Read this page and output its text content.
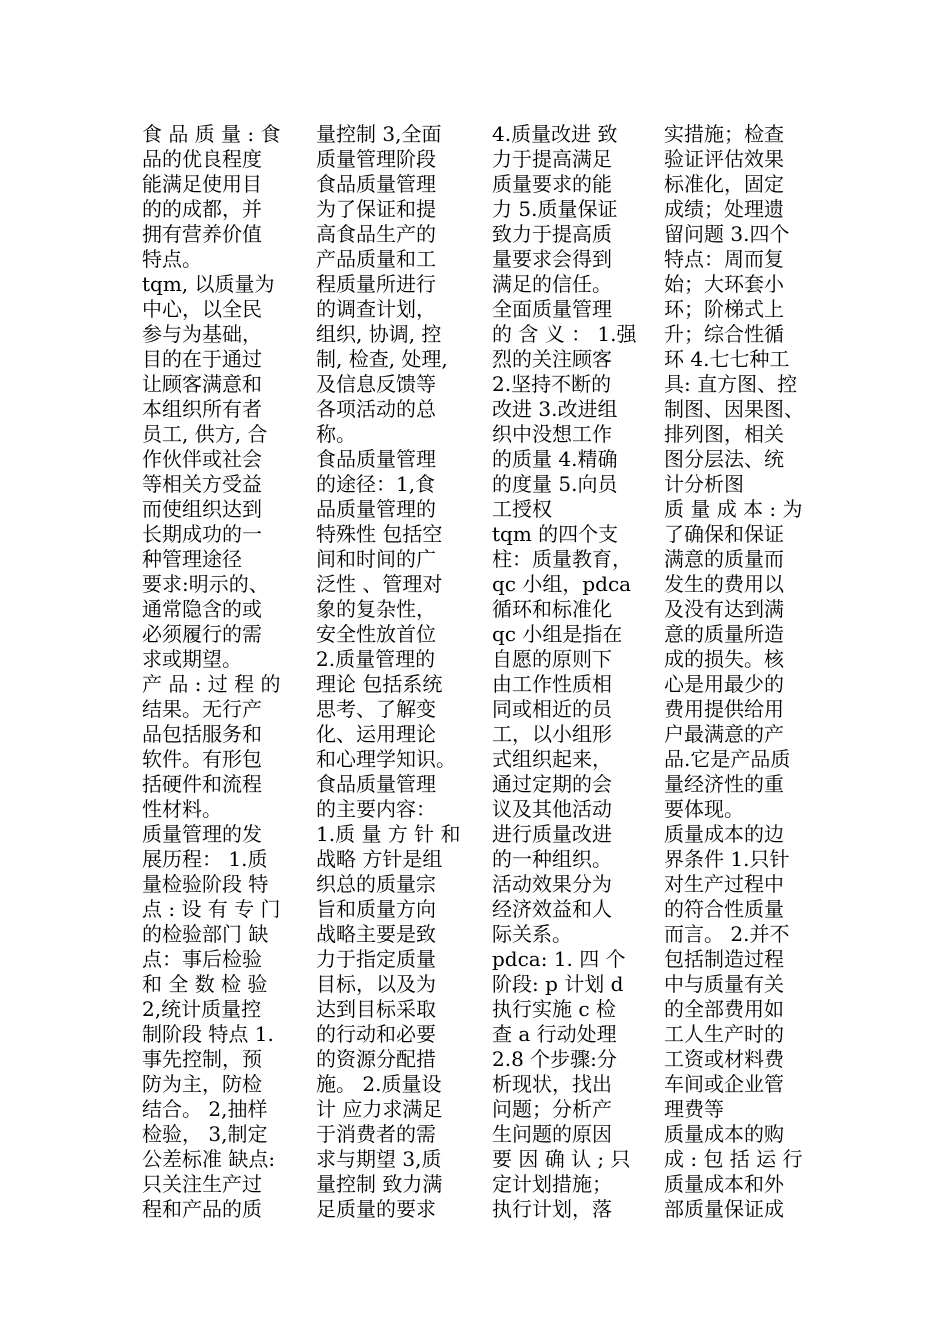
食 品 质 量 : 食
品的优良程度
能满足使用目
的的成都，并
拥有营养价值
特点。
tqm, 以质量为
中心，以全民
参与为基础，
目的在于通过
让顾客满意和
本组织所有者
员工, 供方, 合
作伙伴或社会
等相关方受益
而使组织达到
长期成功的一
种管理途径
要求:明示的、
通常隐含的或
必须履行的需
求或期望。
产 品 : 过 程 的
结果。无行产
品包括服务和
软件。有形包
括硬件和流程
性材料。
质量管理的发
展历程： 1.质
量检验阶段 特
点 : 设 有 专 门
的检验部门 缺
点：事后检验
和 全 数 检 验
2,统计质量控
制阶段 特点 1.
事先控制，预
防为主，防检
结合。 2,抽样
检验， 3,制定
公差标准 缺点:
只关注生产过
程和产品的质
量控制 3,全面
质量管理阶段
食品质量管理
为了保证和提
高食品生产的
产品质量和工
程质量所进行
的调查计划，
组织, 协调, 控
制, 检查, 处理,
及信息反馈等
各项活动的总
称。
食品质量管理
的途径：1,食
品质量管理的
特殊性 包括空
间和时间的广
泛性 、管理对
象的复杂性，
安全性放首位
2.质量管理的
理论 包括系统
思考、了解变
化、运用理论
和心理学知识。
食品质量管理
的主要内容：
1.质 量 方 针 和
战略 方针是组
织总的质量宗
旨和质量方向
战略主要是致
力于指定质量
目标，以及为
达到目标采取
的行动和必要
的资源分配措
施。 2.质量设
计 应力求满足
于消费者的需
求与期望 3,质
量控制 致力满
足质量的要求
4.质量改进 致
力于提高满足
质量要求的能
力 5.质量保证
致力于提高质
量要求会得到
满足的信任。
全面质量管理
的 含 义 ： 1.强
烈的关注顾客
2.坚持不断的
改进 3.改进组
织中没想工作
的质量 4.精确
的度量 5.向员
工授权
tqm 的四个支
柱：质量教育，
qc 小组，pdca
循环和标准化
qc 小组是指在
自愿的原则下
由工作性质相
同或相近的员
工，以小组形
式组织起来，
通过定期的会
议及其他活动
进行质量改进
的一种组织。
活动效果分为
经济效益和人
际关系。
pdca: 1. 四 个
阶段: p 计划 d
执行实施 c 检
查 a 行动处理
2.8 个步骤:分
析现状，找出
问题；分析产
生问题的原因
要 因 确 认 ; 只
定计划措施；
执行计划，落
实措施；检查
验证评估效果
标准化，固定
成绩；处理遗
留问题 3.四个
特点：周而复
始；大环套小
环；阶梯式上
升；综合性循
环 4.七七种工
具: 直方图、控
制图、因果图、
排列图，相关
图分层法、统
计分析图
质 量 成 本 : 为
了确保和保证
满意的质量而
发生的费用以
及没有达到满
意的质量所造
成的损失。核
心是用最少的
费用提供给用
户最满意的产
品.它是产品质
量经济性的重
要体现。
质量成本的边
界条件 1.只针
对生产过程中
的符合性质量
而言。 2.并不
包括制造过程
中与质量有关
的全部费用如
工人生产时的
工资或材料费
车间或企业管
理费等
质量成本的购
成 : 包 括 运 行
质量成本和外
部质量保证成
